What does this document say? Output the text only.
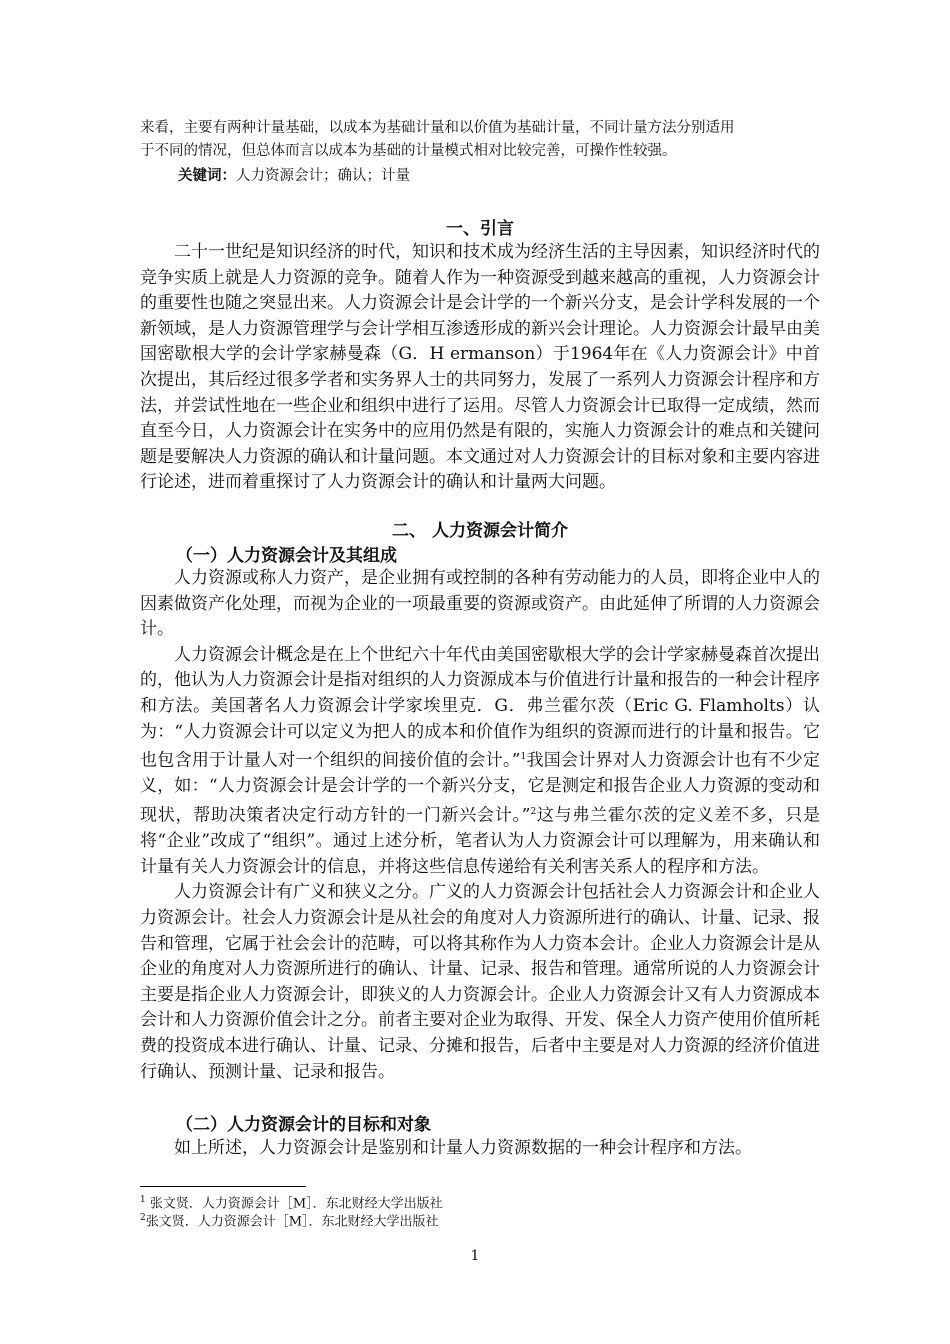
来看，主要有两种计量基础，以成本为基础计量和以价值为基础计量，不同计量方法分别适用
于不同的情况，但总体而言以成本为基础的计量模式相对比较完善，可操作性较强。
关键词：人力资源会计；确认；计量
一、引言

二十一世纪是知识经济的时代，知识和技术成为经济生活的主导因素，知识经济时代的竞争实质上就是人力资源的竞争。随着人作为一种资源受到越来越高的重视，人力资源会计的重要性也随之突显出来。人力资源会计是会计学的一个新兴分支，是会计学科发展的一个新领域，是人力资源管理学与会计学相互渗透形成的新兴会计理论。人力资源会计最早由美国密歇根大学的会计学家赫曼森（G．H ermanson）于1964年在《人力资源会计》中首次提出，其后经过很多学者和实务界人士的共同努力，发展了一系列人力资源会计程序和方法，并尝试性地在一些企业和组织中进行了运用。尽管人力资源会计已取得一定成绩，然而直至今日，人力资源会计在实务中的应用仍然是有限的，实施人力资源会计的难点和关键问题是要解决人力资源的确认和计量问题。本文通过对人力资源会计的目标对象和主要内容进行论述，进而着重探讨了人力资源会计的确认和计量两大问题。

二、 人力资源会计简介
（一）人力资源会计及其组成

人力资源或称人力资产，是企业拥有或控制的各种有劳动能力的人员，即将企业中人的因素做资产化处理，而视为企业的一项最重要的资源或资产。由此延伸了所谓的人力资源会计。

人力资源会计概念是在上个世纪六十年代由美国密歇根大学的会计学家赫曼森首次提出的，他认为人力资源会计是指对组织的人力资源成本与价值进行计量和报告的一种会计程序和方法。美国著名人力资源会计学家埃里克．G．弗兰霍尔茨（Eric G. Flamholts）认为：“人力资源会计可以定义为把人的成本和价值作为组织的资源而进行的计量和报告。它也包含用于计量人对一个组织的间接价值的会计。”$^1$我国会计界对人力资源会计也有不少定义，如：“人力资源会计是会计学的一个新兴分支，它是测定和报告企业人力资源的变动和现状，帮助决策者决定行动方针的一门新兴会计。”$^2$这与弗兰霍尔茨的定义差不多，只是将“企业”改成了“组织”。通过上述分析，笔者认为人力资源会计可以理解为，用来确认和计量有关人力资源会计的信息，并将这些信息传递给有关利害关系人的程序和方法。

人力资源会计有广义和狭义之分。广义的人力资源会计包括社会人力资源会计和企业人力资源会计。社会人力资源会计是从社会的角度对人力资源所进行的确认、计量、记录、报告和管理，它属于社会会计的范畴，可以将其称作为人力资本会计。企业人力资源会计是从企业的角度对人力资源所进行的确认、计量、记录、报告和管理。通常所说的人力资源会计主要是指企业人力资源会计，即狭义的人力资源会计。企业人力资源会计又有人力资源成本会计和人力资源价值会计之分。前者主要对企业为取得、开发、保全人力资产使用价值所耗费的投资成本进行确认、计量、记录、分摊和报告，后者中主要是对人力资源的经济价值进行确认、预测计量、记录和报告。

（二）人力资源会计的目标和对象

如上所述，人力资源会计是鉴别和计量人力资源数据的一种会计程序和方法。

$^1$ 张文贤．人力资源会计［M］．东北财经大学出版社
$^2$张文贤．人力资源会计［M］．东北财经大学出版社
1
